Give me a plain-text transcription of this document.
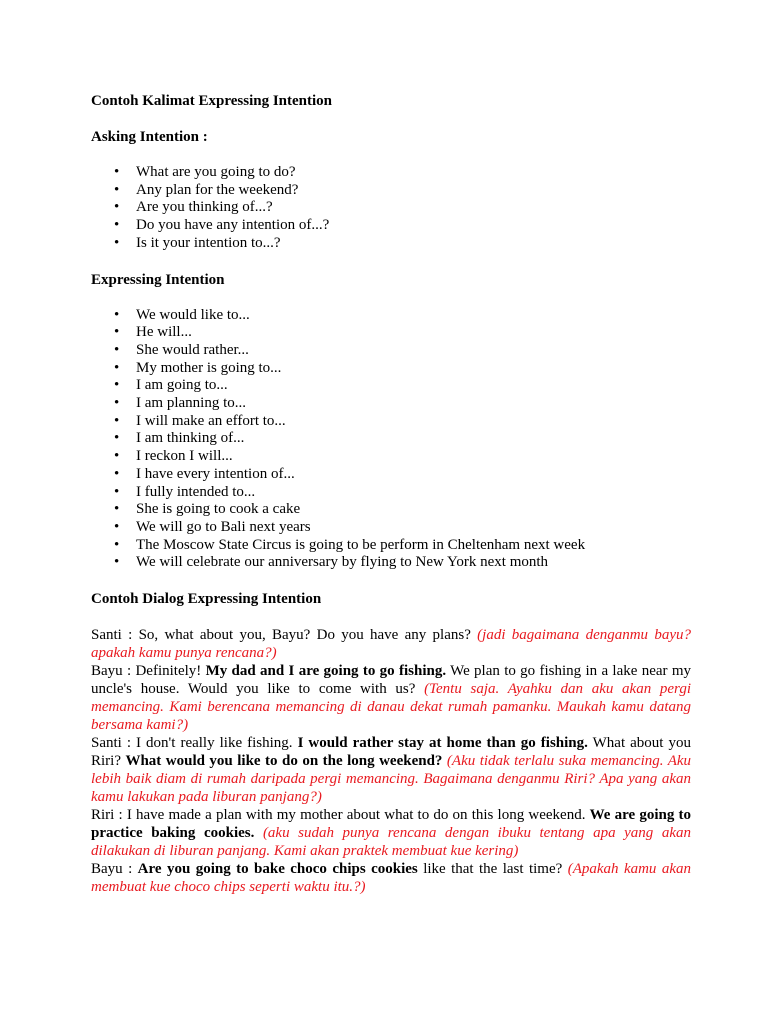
Contoh Kalimat Expressing Intention
Asking Intention :
• What are you going to do?
• Any plan for the weekend?
• Are you thinking of...?
• Do you have any intention of...?
• Is it your intention to...?
Expressing Intention
• We would like to...
• He will...
• She would rather...
• My mother is going to...
• I am going to...
• I am planning to...
• I will make an effort to...
• I am thinking of...
• I reckon I will...
• I have every intention of...
• I fully intended to...
• She is going to cook a cake
• We will go to Bali next years
• The Moscow State Circus is going to be perform in Cheltenham next week
• We will celebrate our anniversary by flying to New York next month
Contoh Dialog Expressing Intention

Santi : So, what about you, Bayu? Do you have any plans? (jadi bagaimana denganmu bayu? apakah kamu punya rencana?)

Bayu : Definitely! My dad and I are going to go fishing. We plan to go fishing in a lake near my uncle's house. Would you like to come with us? (Tentu saja. Ayahku dan aku akan pergi memancing. Kami berencana memancing di danau dekat rumah pamanku. Maukah kamu datang bersama kami?)

Santi : I don't really like fishing. I would rather stay at home than go fishing. What about you Riri? What would you like to do on the long weekend? (Aku tidak terlalu suka memancing. Aku lebih baik diam di rumah daripada pergi memancing. Bagaimana denganmu Riri? Apa yang akan kamu lakukan pada liburan panjang?)

Riri : I have made a plan with my mother about what to do on this long weekend. We are going to practice baking cookies. (aku sudah punya rencana dengan ibuku tentang apa yang akan dilakukan di liburan panjang. Kami akan praktek membuat kue kering)

Bayu : Are you going to bake choco chips cookies like that the last time? (Apakah kamu akan membuat kue choco chips seperti waktu itu.?)
